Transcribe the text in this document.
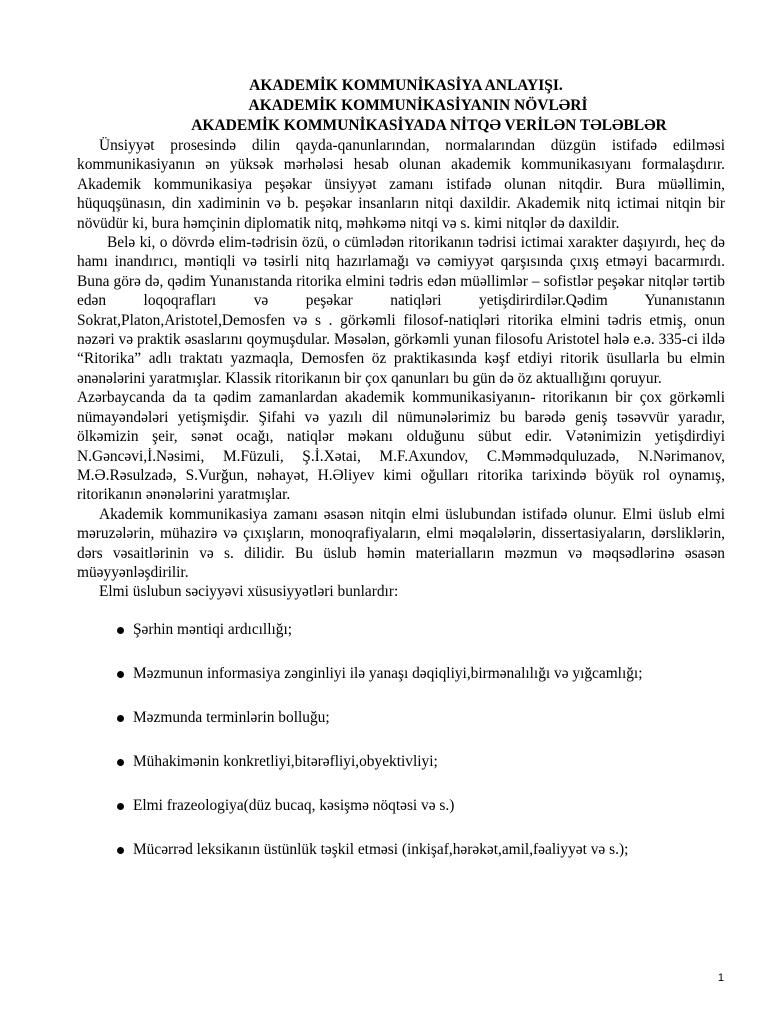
AKADEMİK KOMMUNİKASİYA ANLAYIŞI.
AKADEMİK KOMMUNİKASİYANIN NÖVLƏRİ
AKADEMİK KOMMUNİKASİYADA NİTQƏ VERİLƏN TƏLƏBLƏR

Ünsiyyət prosesində dilin qayda-qanunlarından, normalarından düzgün istifadə edilməsi kommunikasiyanın ən yüksək mərhələsi hesab olunan akademik kommunikasıyanı formalaşdırır. Akademik kommunikasiya peşəkar ünsiyyət zamanı istifadə olunan nitqdir. Bura müəllimin, hüquqşünasın, din xadiminin və b. peşəkar insanların nitqi daxildir. Akademik nitq ictimai nitqin bir növüdür ki, bura həmçinin diplomatik nitq, məhkəmə nitqi və s. kimi nitqlər də daxildir.

Belə ki, o dövrdə elim-tədrisin özü, o cümlədən ritorikanın tədrisi ictimai xarakter daşıyırdı, heç də hamı inandırıcı, məntiqli və təsirli nitq hazırlamağı və cəmiyyət qarşısında çıxış etməyi bacarmırdı. Buna görə də, qədim Yunanıstanda ritorika elmini tədris edən müəllimlər – sofistlər peşəkar nitqlər tərtib edən loqoqrafları və peşəkar natiqləri yetişdirirdilər.Qədim Yunanıstanın Sokrat,Platon,Aristotel,Demosfen və s . görkəmli filosof-natiqləri ritorika elmini tədris etmiş, onun nəzəri və praktik əsaslarını qoymuşdular. Məsələn, görkəmli yunan filosofu Aristotel hələ e.ə. 335-ci ildə “Ritorika” adlı traktatı yazmaqla, Demosfen öz praktikasında kəşf etdiyi ritorik üsullarla bu elmin ənənələrini yaratmışlar. Klassik ritorikanın bir çox qanunları bu gün də öz aktuallığını qoruyur.

Azərbaycanda da ta qədim zamanlardan akademik kommunikasiyanın- ritorikanın bir çox görkəmli nümayəndələri yetişmişdir. Şifahi və yazılı dil nümunələrimiz bu barədə geniş təsəvvür yaradır, ölkəmizin şeir, sənət ocağı, natiqlər məkanı olduğunu sübut edir. Vətənimizin yetişdirdiyi N.Gəncəvi,İ.Nəsimi, M.Füzuli, Ş.İ.Xətai, M.F.Axundov, C.Məmmədquluzadə, N.Nərimanov, M.Ə.Rəsulzadə, S.Vurğun, nəhayət, H.Əliyev kimi oğulları ritorika tarixində böyük rol oynamış, ritorikanın ənənələrini yaratmışlar.

Akademik kommunikasiya zamanı əsasən nitqin elmi üslubundan istifadə olunur. Elmi üslub elmi məruzələrin, mühazirə və çıxışların, monoqrafiyaların, elmi məqalələrin, dissertasiyaların, dərsliklərin, dərs vəsaitlərinin və s. dilidir. Bu üslub həmin materialların məzmun və məqsədlərinə əsasən müəyyənləşdirilir.

Elmi üslubun səciyyəvi xüsusiyyətləri bunlardır:

Şərhin məntiqi ardıcıllığı;
Məzmunun informasiya zənginliyi ilə yanaşı dəqiqliyi,birmənalılığı və yığcamlığı;
Məzmunda terminlərin bolluğu;
Mühakimənin konkretliyi,bitərəfliyi,obyektivliyi;
Elmi frazeologiya(düz bucaq, kəsişmə nöqtəsi və s.)
Mücərrəd leksikanın üstünlük təşkil etməsi (inkişaf,hərəkət,amil,fəaliyyət və s.);
1
